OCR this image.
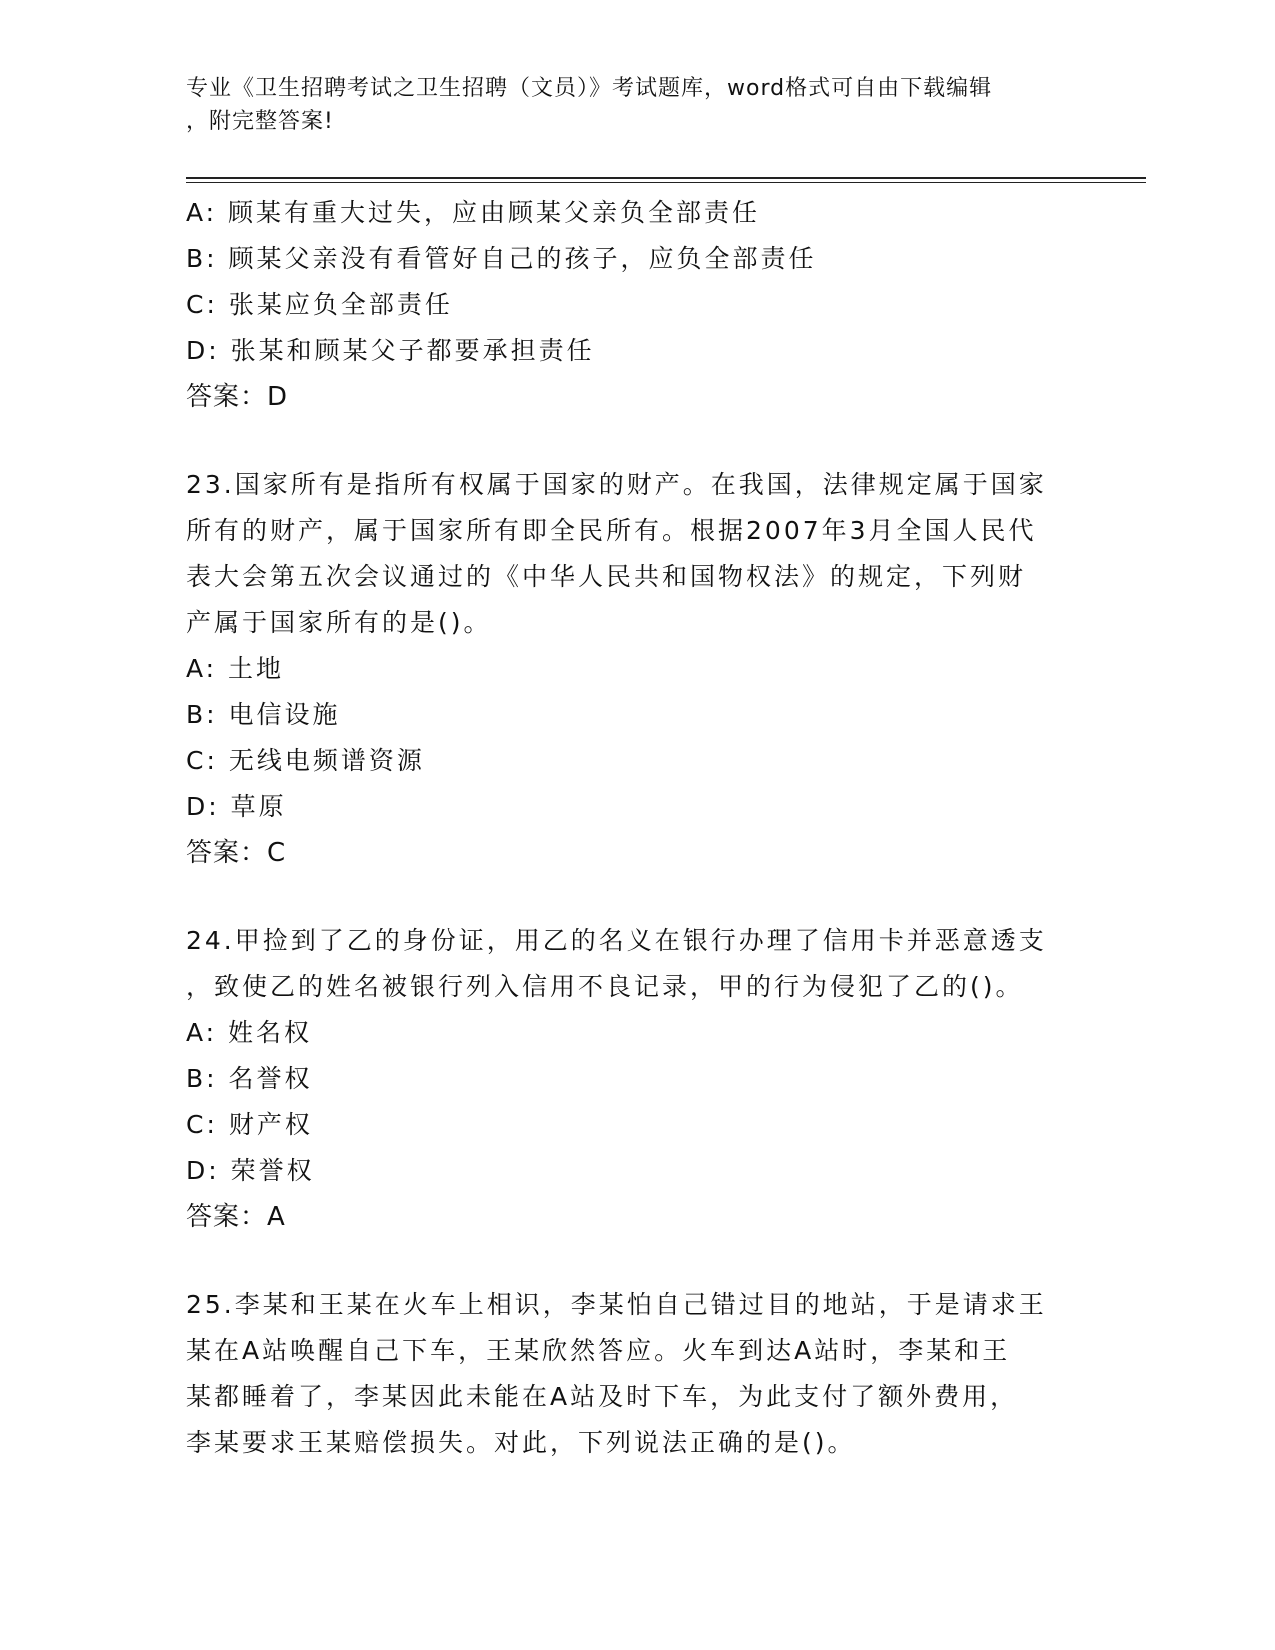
专业《卫生招聘考试之卫生招聘（文员）》考试题库，word格式可自由下载编辑
，附完整答案!
A: 顾某有重大过失，应由顾某父亲负全部责任
B: 顾某父亲没有看管好自己的孩子，应负全部责任
C: 张某应负全部责任
D: 张某和顾某父子都要承担责任
答案：D
23.国家所有是指所有权属于国家的财产。在我国，法律规定属于国家
所有的财产，属于国家所有即全民所有。根据2007年3月全国人民代
表大会第五次会议通过的《中华人民共和国物权法》的规定，下列财
产属于国家所有的是()。
A: 土地
B: 电信设施
C: 无线电频谱资源
D: 草原
答案：C
24.甲捡到了乙的身份证，用乙的名义在银行办理了信用卡并恶意透支
，致使乙的姓名被银行列入信用不良记录，甲的行为侵犯了乙的()。
A: 姓名权
B: 名誉权
C: 财产权
D: 荣誉权
答案：A
25.李某和王某在火车上相识，李某怕自己错过目的地站，于是请求王
某在A站唤醒自己下车，王某欣然答应。火车到达A站时，李某和王
某都睡着了，李某因此未能在A站及时下车，为此支付了额外费用，
李某要求王某赔偿损失。对此，下列说法正确的是()。
